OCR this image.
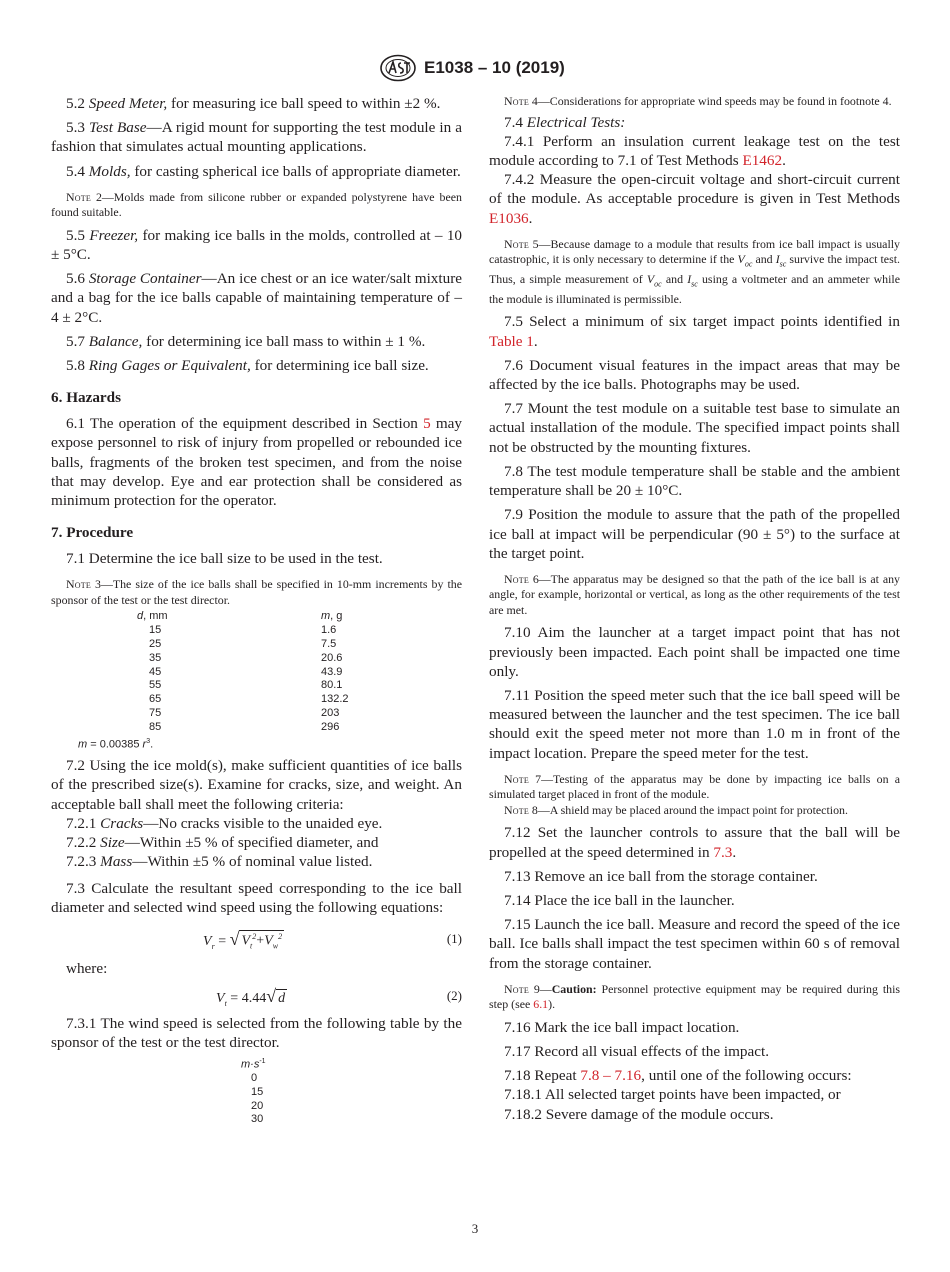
E1038 – 10 (2019)

5.2 Speed Meter, for measuring ice ball speed to within ±2 %.

5.3 Test Base—A rigid mount for supporting the test module in a fashion that simulates actual mounting applications.

5.4 Molds, for casting spherical ice balls of appropriate diameter.

Note 2—Molds made from silicone rubber or expanded polystyrene have been found suitable.

5.5 Freezer, for making ice balls in the molds, controlled at – 10 ± 5°C.

5.6 Storage Container—An ice chest or an ice water/salt mixture and a bag for the ice balls capable of maintaining temperature of – 4 ± 2°C.

5.7 Balance, for determining ice ball mass to within ± 1 %.

5.8 Ring Gages or Equivalent, for determining ice ball size.

6. Hazards

6.1 The operation of the equipment described in Section 5 may expose personnel to risk of injury from propelled or rebounded ice balls, fragments of the broken test specimen, and from the noise that may develop. Eye and ear protection shall be considered as minimum protection for the operator.

7. Procedure

7.1 Determine the ice ball size to be used in the test.

Note 3—The size of the ice balls shall be specified in 10-mm increments by the sponsor of the test or the test director.

d, mm	m, g
15	1.6
25	7.5
35	20.6
45	43.9
55	80.1
65	132.2
75	203
85	296
m = 0.00385 $r^3$.

7.2 Using the ice mold(s), make sufficient quantities of ice balls of the prescribed size(s). Examine for cracks, size, and weight. An acceptable ball shall meet the following criteria:

7.2.1 Cracks—No cracks visible to the unaided eye.

7.2.2 Size—Within ±5 % of specified diameter, and

7.2.3 Mass—Within ±5 % of nominal value listed.

7.3 Calculate the resultant speed corresponding to the ice ball diameter and selected wind speed using the following equations:

$V_r$ = √ $V_t^2+V_w^2$	(1)

where:

$V_t = 4.44√$ d	(2)

7.3.1 The wind speed is selected from the following table by the sponsor of the test or the test director.

$m\cdot s^{-1}$
0
15
20
30

Note 4—Considerations for appropriate wind speeds may be found in footnote 4.

7.4 Electrical Tests:

7.4.1 Perform an insulation current leakage test on the test module according to 7.1 of Test Methods E1462.

7.4.2 Measure the open-circuit voltage and short-circuit current of the module. As acceptable procedure is given in Test Methods E1036.

Note 5—Because damage to a module that results from ice ball impact is usually catastrophic, it is only necessary to determine if the $V_{oc}$ and $I_{sc}$ survive the impact test. Thus, a simple measurement of $V_{oc}$ and $I_{sc}$ using a voltmeter and an ammeter while the module is illuminated is permissible.

7.5 Select a minimum of six target impact points identified in Table 1.

7.6 Document visual features in the impact areas that may be affected by the ice balls. Photographs may be used.

7.7 Mount the test module on a suitable test base to simulate an actual installation of the module. The specified impact points shall not be obstructed by the mounting fixtures.

7.8 The test module temperature shall be stable and the ambient temperature shall be 20 ± 10°C.

7.9 Position the module to assure that the path of the propelled ice ball at impact will be perpendicular (90 ± 5°) to the surface at the target point.

Note 6—The apparatus may be designed so that the path of the ice ball is at any angle, for example, horizontal or vertical, as long as the other requirements of the test are met.

7.10 Aim the launcher at a target impact point that has not previously been impacted. Each point shall be impacted one time only.

7.11 Position the speed meter such that the ice ball speed will be measured between the launcher and the test specimen. The ice ball should exit the speed meter not more than 1.0 m in front of the impact location. Prepare the speed meter for the test.

Note 7—Testing of the apparatus may be done by impacting ice balls on a simulated target placed in front of the module.

Note 8—A shield may be placed around the impact point for protection.

7.12 Set the launcher controls to assure that the ball will be propelled at the speed determined in 7.3.

7.13 Remove an ice ball from the storage container.

7.14 Place the ice ball in the launcher.

7.15 Launch the ice ball. Measure and record the speed of the ice ball. Ice balls shall impact the test specimen within 60 s of removal from the storage container.

Note 9—Caution: Personnel protective equipment may be required during this step (see 6.1).

7.16 Mark the ice ball impact location.

7.17 Record all visual effects of the impact.

7.18 Repeat 7.8 – 7.16, until one of the following occurs:

7.18.1 All selected target points have been impacted, or

7.18.2 Severe damage of the module occurs.

3
